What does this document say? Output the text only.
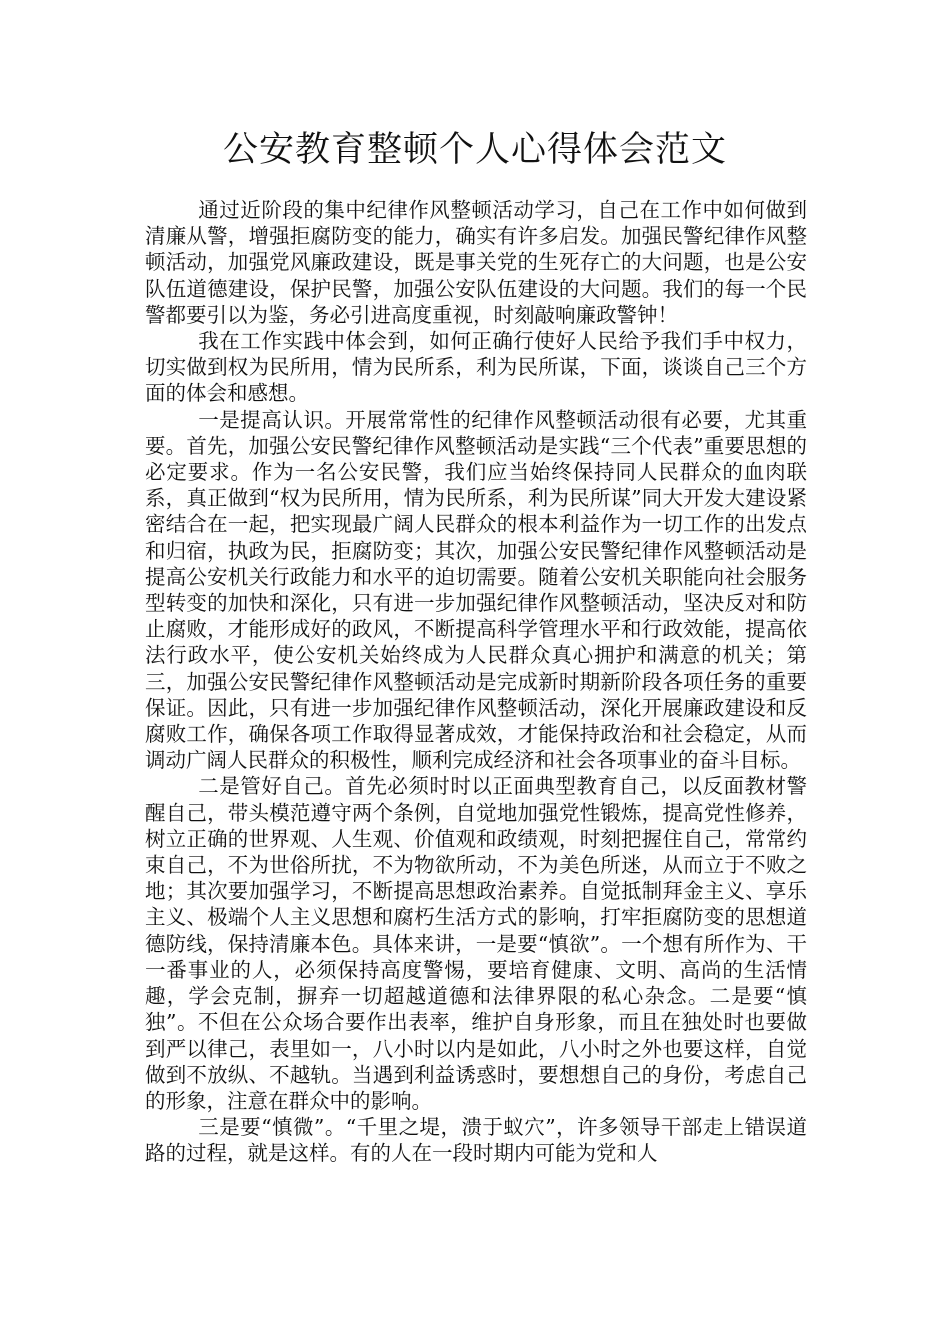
公安教育整顿个人心得体会范文

通过近阶段的集中纪律作风整顿活动学习，自己在工作中如何做到清廉从警，增强拒腐防变的能力，确实有许多启发。加强民警纪律作风整顿活动，加强党风廉政建设，既是事关党的生死存亡的大问题，也是公安队伍道德建设，保护民警，加强公安队伍建设的大问题。我们的每一个民警都要引以为鉴，务必引进高度重视，时刻敲响廉政警钟！

我在工作实践中体会到，如何正确行使好人民给予我们手中权力，切实做到权为民所用，情为民所系，利为民所谋，下面，谈谈自己三个方面的体会和感想。

一是提高认识。开展常常性的纪律作风整顿活动很有必要，尤其重要。首先，加强公安民警纪律作风整顿活动是实践“三个代表”重要思想的必定要求。作为一名公安民警，我们应当始终保持同人民群众的血肉联系，真正做到“权为民所用，情为民所系，利为民所谋”同大开发大建设紧密结合在一起，把实现最广阔人民群众的根本利益作为一切工作的出发点和归宿，执政为民，拒腐防变；其次，加强公安民警纪律作风整顿活动是提高公安机关行政能力和水平的迫切需要。随着公安机关职能向社会服务型转变的加快和深化，只有进一步加强纪律作风整顿活动，坚决反对和防止腐败，才能形成好的政风，不断提高科学管理水平和行政效能，提高依法行政水平，使公安机关始终成为人民群众真心拥护和满意的机关；第三，加强公安民警纪律作风整顿活动是完成新时期新阶段各项任务的重要保证。因此，只有进一步加强纪律作风整顿活动，深化开展廉政建设和反腐败工作，确保各项工作取得显著成效，才能保持政治和社会稳定，从而调动广阔人民群众的积极性，顺利完成经济和社会各项事业的奋斗目标。

二是管好自己。首先必须时时以正面典型教育自己，以反面教材警醒自己，带头模范遵守两个条例，自觉地加强党性锻炼，提高党性修养，树立正确的世界观、人生观、价值观和政绩观，时刻把握住自己，常常约束自己，不为世俗所扰，不为物欲所动，不为美色所迷，从而立于不败之地；其次要加强学习，不断提高思想政治素养。自觉抵制拜金主义、享乐主义、极端个人主义思想和腐朽生活方式的影响，打牢拒腐防变的思想道德防线，保持清廉本色。具体来讲，一是要“慎欲”。一个想有所作为、干一番事业的人，必须保持高度警惕，要培育健康、文明、高尚的生活情趣，学会克制，摒弃一切超越道德和法律界限的私心杂念。二是要“慎独”。不但在公众场合要作出表率，维护自身形象，而且在独处时也要做到严以律己，表里如一，八小时以内是如此，八小时之外也要这样，自觉做到不放纵、不越轨。当遇到利益诱惑时，要想想自己的身份，考虑自己的形象，注意在群众中的影响。

三是要“慎微”。“千里之堤，溃于蚁穴”，许多领导干部走上错误道路的过程，就是这样。有的人在一段时期内可能为党和人
